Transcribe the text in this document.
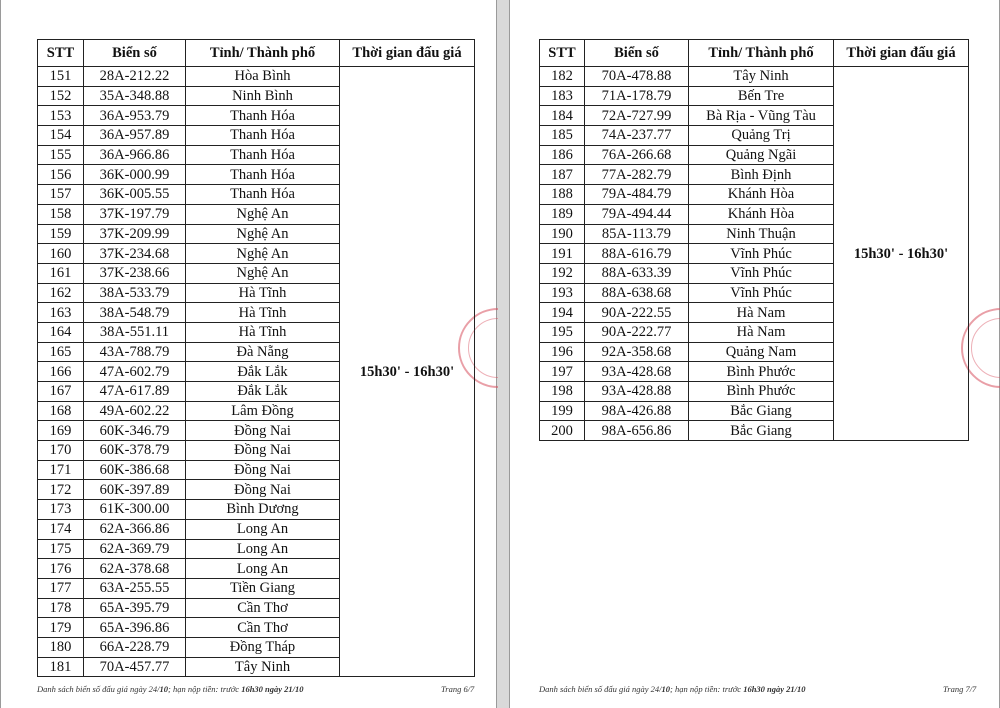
STT	Biển số	Tỉnh/ Thành phố	Thời gian đấu giá
151	28A-212.22	Hòa Bình	15h30' - 16h30'
152	35A-348.88	Ninh Bình	
153	36A-953.79	Thanh Hóa	
154	36A-957.89	Thanh Hóa	
155	36A-966.86	Thanh Hóa	
156	36K-000.99	Thanh Hóa	
157	36K-005.55	Thanh Hóa	
158	37K-197.79	Nghệ An	
159	37K-209.99	Nghệ An	
160	37K-234.68	Nghệ An	
161	37K-238.66	Nghệ An	
162	38A-533.79	Hà Tĩnh	
163	38A-548.79	Hà Tĩnh	
164	38A-551.11	Hà Tĩnh	
165	43A-788.79	Đà Nẵng	
166	47A-602.79	Đắk Lắk	
167	47A-617.89	Đắk Lắk	
168	49A-602.22	Lâm Đồng	
169	60K-346.79	Đồng Nai	
170	60K-378.79	Đồng Nai	
171	60K-386.68	Đồng Nai	
172	60K-397.89	Đồng Nai	
173	61K-300.00	Bình Dương	
174	62A-366.86	Long An	
175	62A-369.79	Long An	
176	62A-378.68	Long An	
177	63A-255.55	Tiền Giang	
178	65A-395.79	Cần Thơ	
179	65A-396.86	Cần Thơ	
180	66A-228.79	Đồng Tháp	
181	70A-457.77	Tây Ninh	
STT	Biển số	Tỉnh/ Thành phố	Thời gian đấu giá
182	70A-478.88	Tây Ninh	15h30' - 16h30'
183	71A-178.79	Bến Tre	
184	72A-727.99	Bà Rịa - Vũng Tàu	
185	74A-237.77	Quảng Trị	
186	76A-266.68	Quảng Ngãi	
187	77A-282.79	Bình Định	
188	79A-484.79	Khánh Hòa	
189	79A-494.44	Khánh Hòa	
190	85A-113.79	Ninh Thuận	
191	88A-616.79	Vĩnh Phúc	
192	88A-633.39	Vĩnh Phúc	
193	88A-638.68	Vĩnh Phúc	
194	90A-222.55	Hà Nam	
195	90A-222.77	Hà Nam	
196	92A-358.68	Quảng Nam	
197	93A-428.68	Bình Phước	
198	93A-428.88	Bình Phước	
199	98A-426.88	Bắc Giang	
200	98A-656.86	Bắc Giang	
Danh sách biển số đấu giá ngày 24/10; hạn nộp tiền: trước 16h30 ngày 21/10	Trang 6/7	Danh sách biển số đấu giá ngày 24/10; hạn nộp tiền: trước 16h30 ngày 21/10	Trang 7/7
